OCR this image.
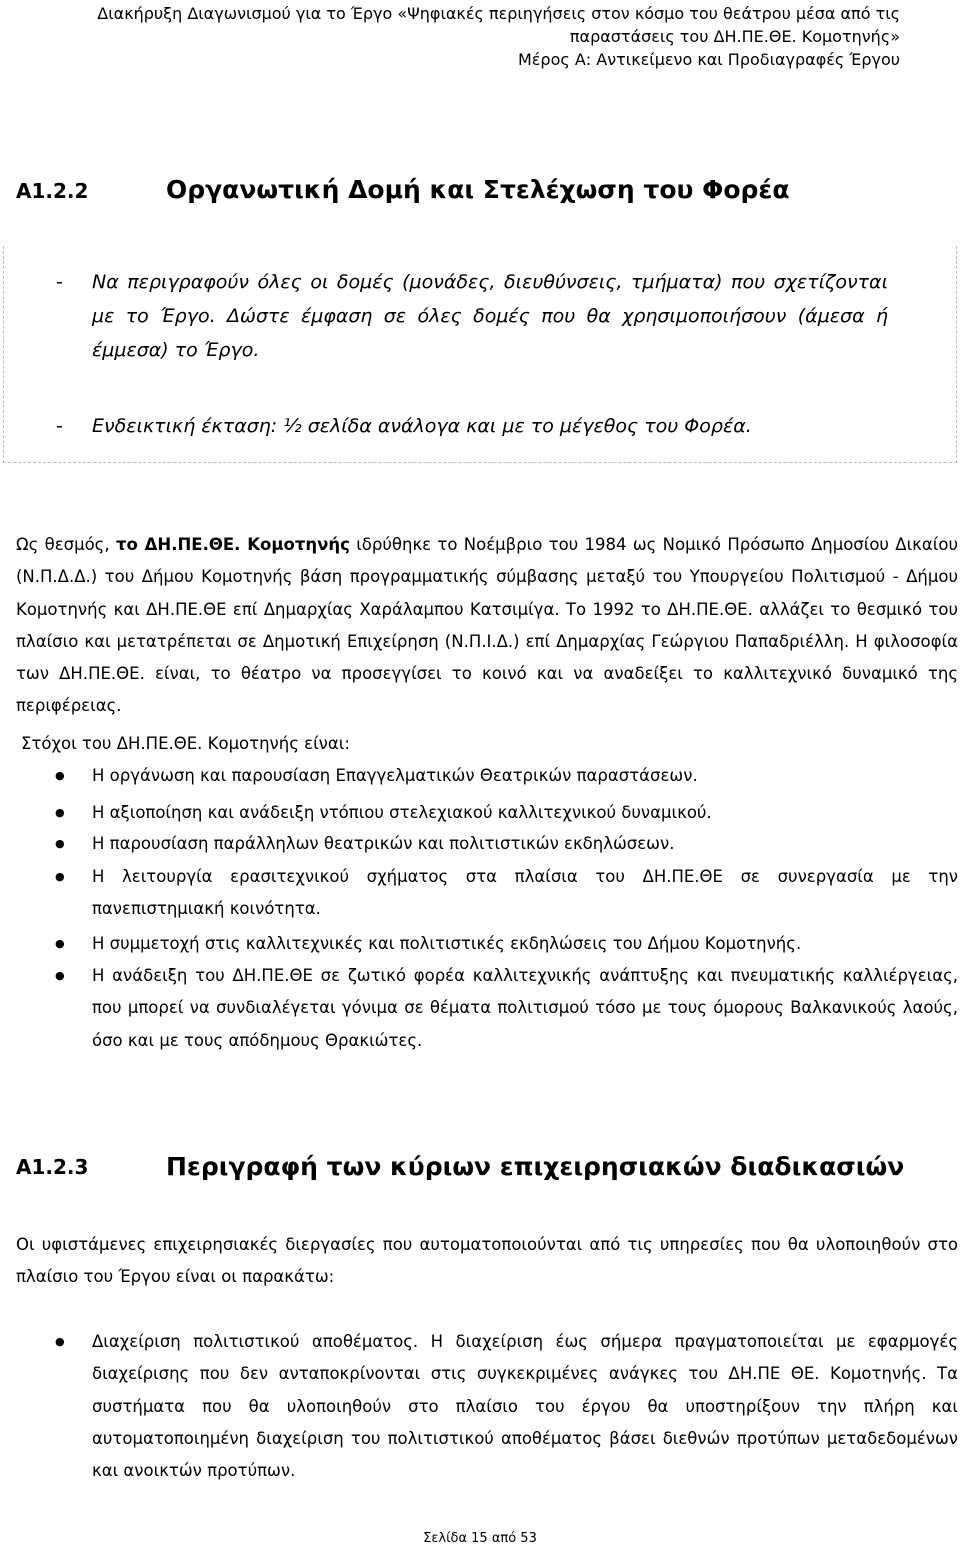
Διακήρυξη Διαγωνισμού για το Έργο «Ψηφιακές περιηγήσεις στον κόσμο του θεάτρου μέσα από τις
παραστάσεις του ΔΗ.ΠΕ.ΘΕ. Κομοτηνής»
Μέρος Α: Αντικείμενο και Προδιαγραφές Έργου
Α1.2.2	Οργανωτική Δομή και Στελέχωση του Φορέα
- Να περιγραφούν όλες οι δομές (μονάδες, διευθύνσεις, τμήματα) που σχετίζονται με το Έργο. Δώστε έμφαση σε όλες δομές που θα χρησιμοποιήσουν (άμεσα ή έμμεσα) το Έργο.
- Ενδεικτική έκταση: ½ σελίδα ανάλογα και με το μέγεθος του Φορέα.
Ως θεσμός, το ΔΗ.ΠΕ.ΘΕ. Κομοτηνής ιδρύθηκε το Νοέμβριο του 1984 ως Νομικό Πρόσωπο Δημοσίου Δικαίου (Ν.Π.Δ.Δ.) του Δήμου Κομοτηνής βάση προγραμματικής σύμβασης μεταξύ του Υπουργείου Πολιτισμού - Δήμου Κομοτηνής και ΔΗ.ΠΕ.ΘΕ επί Δημαρχίας Χαράλαμπου Κατσιμίγα. Το 1992 το ΔΗ.ΠΕ.ΘΕ. αλλάζει το θεσμικό του πλαίσιο και μετατρέπεται σε Δημοτική Επιχείρηση (Ν.Π.Ι.Δ.) επί Δημαρχίας Γεώργιου Παπαδριέλλη. Η φιλοσοφία των ΔΗ.ΠΕ.ΘΕ. είναι, το θέατρο να προσεγγίσει το κοινό και να αναδείξει το καλλιτεχνικό δυναμικό της περιφέρειας.
Στόχοι του ΔΗ.ΠΕ.ΘΕ. Κομοτηνής είναι:
● Η οργάνωση και παρουσίαση Επαγγελματικών Θεατρικών παραστάσεων.
● Η αξιοποίηση και ανάδειξη ντόπιου στελεχιακού καλλιτεχνικού δυναμικού.
● Η παρουσίαση παράλληλων θεατρικών και πολιτιστικών εκδηλώσεων.
● Η λειτουργία ερασιτεχνικού σχήματος στα πλαίσια του ΔΗ.ΠΕ.ΘΕ σε συνεργασία με την πανεπιστημιακή κοινότητα.
● Η συμμετοχή στις καλλιτεχνικές και πολιτιστικές εκδηλώσεις του Δήμου Κομοτηνής.
● Η ανάδειξη του ΔΗ.ΠΕ.ΘΕ σε ζωτικό φορέα καλλιτεχνικής ανάπτυξης και πνευματικής καλλιέργειας, που μπορεί να συνδιαλέγεται γόνιμα σε θέματα πολιτισμού τόσο με τους όμορους Βαλκανικούς λαούς, όσο και με τους απόδημους Θρακιώτες.
Α1.2.3	Περιγραφή των κύριων επιχειρησιακών διαδικασιών
Οι υφιστάμενες επιχειρησιακές διεργασίες που αυτοματοποιούνται από τις υπηρεσίες που θα υλοποιηθούν στο πλαίσιο του Έργου είναι οι παρακάτω:
● Διαχείριση πολιτιστικού αποθέματος. Η διαχείριση έως σήμερα πραγματοποιείται με εφαρμογές διαχείρισης που δεν ανταποκρίνονται στις συγκεκριμένες ανάγκες του ΔΗ.ΠΕ ΘΕ. Κομοτηνής. Τα συστήματα που θα υλοποιηθούν στο πλαίσιο του έργου θα υποστηρίξουν την πλήρη και αυτοματοποιημένη διαχείριση του πολιτιστικού αποθέματος βάσει διεθνών προτύπων μεταδεδομένων και ανοικτών προτύπων.
Σελίδα 15 από 53
